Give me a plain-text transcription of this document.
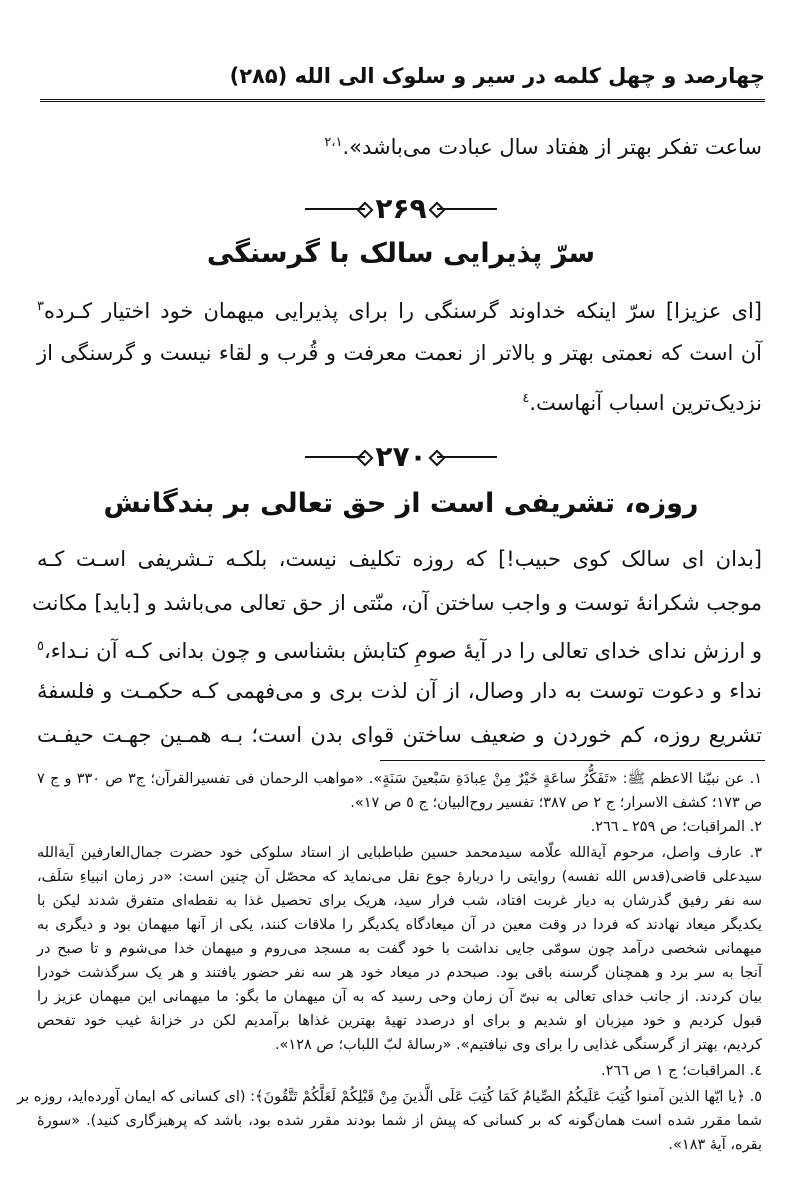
چهارصد و چهل کلمه در سیر و سلوک الی الله (۲۸۵)
ساعت تفکر بهتر از هفتاد سال عبادت می‌باشد».$^{۲،۱}$
۲۶۹
سرّ پذیرایی سالک با گرسنگی
[ای عزیزا] سرّ اینکه خداوند گرسنگی را برای پذیرایی میهمان خود اختیار کـرده$^۳$
آن است که نعمتی بهتر و بالاتر از نعمت معرفت و قُرب و لقاء نیست و گرسنگی از
نزدیک‌ترین اسباب آنهاست.$^٤$
۲۷۰
روزه، تشریفی است از حق تعالی بر بندگانش
[بدان ای سالک کوی حبیب!] که روزه تکلیف نیست، بلکـه تـشریفی اسـت کـه
موجب شکرانهٔ توست و واجب ساختن آن، منّتی از حق تعالی می‌باشد و [باید] مکانت
و ارزش ندای خدای تعالی را در آیهٔ صومِ کتابش بشناسی و چون بدانی کـه آن نـداء،$^٥$
نداء و دعوت توست به دار وصال، از آن لذت بری و می‌فهمی کـه حکمـت و فلسفهٔ
تشریع روزه، کم خوردن و ضعیف ساختن قوای بدن است؛ بـه همـین جهـت حیفـت
۱. عن نبیّنا الاعظم ﷺ: «تَفَکُّرُ ساعَةٍ خَیْرٌ مِنْ عِبادَةِ سَبْعینَ سَنَةٍ». «مواهب الرحمان فی تفسیرالقرآن؛ ج۳ ص ۳۳۰ و ج ۷
ص ۱۷۳؛ کشف الاسرار؛ ج ۲ ص ۳۸۷؛ تفسیر روح‌البیان؛ ج ٥ ص ۱۷».
۲. المراقبات؛ ص ۲۵۹ ـ ۲٦٦.
۳. عارف واصل، مرحوم آیةالله علّامه سیدمحمد حسین طباطبایی از استاد سلوکی خود حضرت جمال‌العارفین آیةالله
سیدعلی قاضی(قدس الله نفسه) روایتی را دربارهٔ جوع نقل می‌نماید که محصّل آن چنین است: «در زمان انبیاءِ سَلَف،
سه نفر رفیق گذرشان به دیار غربت افتاد، شب فرار سید، هریک برای تحصیل غذا به نقطه‌ای متفرق شدند لیکن با
یکدیگر میعاد نهادند که فردا در وقت معین در آن میعادگاه یکدیگر را ملاقات کنند، یکی از آنها میهمان بود و دیگری به
میهمانی شخصی درآمد چون سومّی جایی نداشت با خود گفت به مسجد می‌روم و میهمان خدا می‌شوم و تا صبح در
آنجا به سر برد و همچنان گرسنه باقی بود. صبحدم در میعاد خود هر سه نفر حضور یافتند و هر یک سرگذشت خودرا
بیان کردند. از جانب خدای تعالی به نبیّ آن زمان وحی رسید که به آن میهمان ما بگو: ما میهمانی این میهمان عزیز را
قبول کردیم و خود میزبان او شدیم و برای او درصدد تهیهٔ بهترین غذاها برآمدیم لکن در خزانهٔ غیب خود تفحص
کردیم، بهتر از گرسنگی غذایی را برای وی نیافتیم». «رسالهٔ لبّ اللباب؛ ص ۱۲۸».
٤. المراقبات؛ ج ۱ ص ۲٦٦.
٥. ﴿یا ایّها الذین آمنوا کُتِبَ عَلَیکُمُ الصِّیامُ کَمَا کُتِبَ عَلَی الَّذینَ مِنْ قَبْلِکُمْ لَعَلَّکُمْ تَتَّقُونَ﴾: (ای کسانی که ایمان آورده‌اید، روزه بر
شما مقرر شده است همان‌گونه که بر کسانی که پیش از شما بودند مقرر شده بود، باشد که پرهیزگاری کنید). «سورهٔ
بقره، آیهٔ ۱۸۳».
